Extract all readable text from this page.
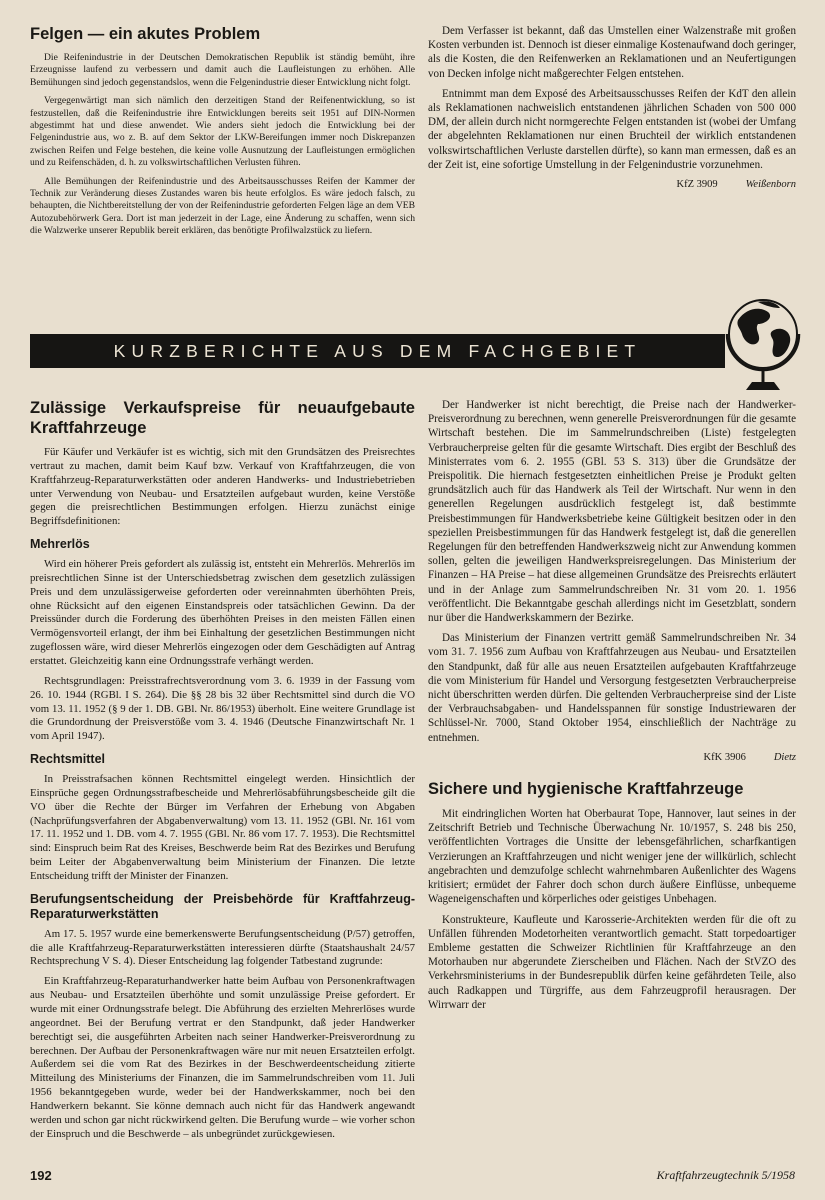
Felgen — ein akutes Problem

Die Reifenindustrie in der Deutschen Demokratischen Republik ist ständig bemüht, ihre Erzeugnisse laufend zu verbessern und damit auch die Laufleistungen zu erhöhen. Alle Bemühungen sind jedoch gegenstandslos, wenn die Felgenindustrie dieser Entwicklung nicht folgt.

Vergegenwärtigt man sich nämlich den derzeitigen Stand der Reifenentwicklung, so ist festzustellen, daß die Reifenindustrie ihre Entwicklungen bereits seit 1951 auf DIN-Normen abgestimmt hat und diese anwendet. Wie anders sieht jedoch die Entwicklung bei der Felgenindustrie aus, wo z. B. auf dem Sektor der LKW-Bereifungen immer noch Diskrepanzen zwischen Reifen und Felge bestehen, die keine volle Ausnutzung der Laufleistungen ermöglichen und zu Reifenschäden, d. h. zu volkswirtschaftlichen Verlusten führen.

Alle Bemühungen der Reifenindustrie und des Arbeitsausschusses Reifen der Kammer der Technik zur Veränderung dieses Zustandes waren bis heute erfolglos. Es wäre jedoch falsch, zu behaupten, die Nichtbereitstellung der von der Reifenindustrie geforderten Felgen läge an dem VEB Autozubehörwerk Gera. Dort ist man jederzeit in der Lage, eine Änderung zu schaffen, wenn sich die Walzwerke unserer Republik bereit erklären, das benötigte Profilwalzstück zu liefern.

Dem Verfasser ist bekannt, daß das Umstellen einer Walzenstraße mit großen Kosten verbunden ist. Dennoch ist dieser einmalige Kostenaufwand doch geringer, als die Kosten, die den Reifenwerken an Reklamationen und an Neufertigungen von Decken infolge nicht maßgerechter Felgen entstehen.

Entnimmt man dem Exposé des Arbeitsausschusses Reifen der KdT den allein als Reklamationen nachweislich entstandenen jährlichen Schaden von 500 000 DM, der allein durch nicht normgerechte Felgen entstanden ist (wobei der Umfang der abgelehnten Reklamationen nur einen Bruchteil der wirklich entstandenen volkswirtschaftlichen Verluste darstellen dürfte), so kann man ermessen, daß es an der Zeit ist, eine sofortige Umstellung in der Felgenindustrie vorzunehmen.

KfZ 3909	Weißenborn
KURZBERICHTE AUS DEM FACHGEBIET
Zulässige Verkaufspreise für neuaufgebaute Kraftfahrzeuge

Für Käufer und Verkäufer ist es wichtig, sich mit den Grundsätzen des Preisrechtes vertraut zu machen, damit beim Kauf bzw. Verkauf von Kraftfahrzeugen, die von Kraftfahrzeug-Reparaturwerkstätten oder anderen Handwerks- und Industriebetrieben unter Verwendung von Neubau- und Ersatzteilen aufgebaut wurden, keine Verstöße gegen die preisrechtlichen Bestimmungen erfolgen. Hierzu zunächst einige Begriffsdefinitionen:

Mehrerlös

Wird ein höherer Preis gefordert als zulässig ist, entsteht ein Mehrerlös. Mehrerlös im preisrechtlichen Sinne ist der Unterschiedsbetrag zwischen dem gesetzlich zulässigen Preis und dem unzulässigerweise geforderten oder vereinnahmten überhöhten Preis, ohne Rücksicht auf den eigenen Einstandspreis oder tatsächlichen Gewinn. Da der Preissünder durch die Forderung des überhöhten Preises in den meisten Fällen einen Vermögensvorteil erlangt, der ihm bei Einhaltung der gesetzlichen Bestimmungen nicht zugeflossen wäre, wird dieser Mehrerlös eingezogen oder dem Geschädigten auf Antrag erstattet. Gleichzeitig kann eine Ordnungsstrafe verhängt werden.

Rechtsgrundlagen: Preisstrafrechtsverordnung vom 3. 6. 1939 in der Fassung vom 26. 10. 1944 (RGBl. I S. 264). Die §§ 28 bis 32 über Rechtsmittel sind durch die VO vom 13. 11. 1952 (§ 9 der 1. DB. GBl. Nr. 86/1953) überholt. Eine weitere Grundlage ist die Grundordnung der Preisverstöße vom 3. 4. 1946 (Deutsche Finanzwirtschaft Nr. 1 vom April 1947).

Rechtsmittel

In Preisstrafsachen können Rechtsmittel eingelegt werden. Hinsichtlich der Einsprüche gegen Ordnungsstrafbescheide und Mehrerlösabführungsbescheide gilt die VO über die Rechte der Bürger im Verfahren der Erhebung von Abgaben (Nachprüfungsverfahren der Abgabenverwaltung) vom 13. 11. 1952 (GBl. Nr. 161 vom 17. 11. 1952 und 1. DB. vom 4. 7. 1955 (GBl. Nr. 86 vom 17. 7. 1953). Die Rechtsmittel sind: Einspruch beim Rat des Kreises, Beschwerde beim Rat des Bezirkes und Berufung beim Leiter der Abgabenverwaltung beim Ministerium der Finanzen. Die letzte Entscheidung trifft der Minister der Finanzen.

Berufungsentscheidung der Preisbehörde für Kraftfahrzeug-Reparaturwerkstätten

Am 17. 5. 1957 wurde eine bemerkenswerte Berufungsentscheidung (P/57) getroffen, die alle Kraftfahrzeug-Reparaturwerkstätten interessieren dürfte (Staatshaushalt 24/57 Rechtsprechung V S. 4). Dieser Entscheidung lag folgender Tatbestand zugrunde:

Ein Kraftfahrzeug-Reparaturhandwerker hatte beim Aufbau von Personenkraftwagen aus Neubau- und Ersatzteilen überhöhte und somit unzulässige Preise gefordert. Er wurde mit einer Ordnungsstrafe belegt. Die Abführung des erzielten Mehrerlöses wurde angeordnet. Bei der Berufung vertrat er den Standpunkt, daß jeder Handwerker berechtigt sei, die ausgeführten Arbeiten nach seiner Handwerker-Preisverordnung zu berechnen. Der Aufbau der Personenkraftwagen wäre nur mit neuen Ersatzteilen erfolgt. Außerdem sei die vom Rat des Bezirkes in der Beschwerdeentscheidung zitierte Mitteilung des Ministeriums der Finanzen, die im Sammelrundschreiben vom 11. Juli 1956 bekanntgegeben wurde, weder bei der Handwerkskammer, noch bei den Handwerkern bekannt. Sie könne demnach auch nicht für das Handwerk angewandt werden und schon gar nicht rückwirkend gelten. Die Berufung wurde – wie vorher schon der Einspruch und die Beschwerde – als unbegründet zurückgewiesen.

Der Handwerker ist nicht berechtigt, die Preise nach der Handwerker-Preisverordnung zu berechnen, wenn generelle Preisverordnungen für die gesamte Wirtschaft bestehen. Die im Sammelrundschreiben (Liste) festgelegten Verbraucherpreise gelten für die gesamte Wirtschaft. Dies ergibt der Beschluß des Ministerrates vom 6. 2. 1955 (GBl. 53 S. 313) über die Grundsätze der Preispolitik. Die hiernach festgesetzten einheitlichen Preise je Produkt gelten grundsätzlich auch für das Handwerk als Teil der Wirtschaft. Nur wenn in den generellen Regelungen ausdrücklich festgelegt ist, daß bestimmte Preisbestimmungen für Handwerksbetriebe keine Gültigkeit besitzen oder in den speziellen Preisbestimmungen für das Handwerk festgelegt ist, daß die generellen Regelungen für den betreffenden Handwerkszweig nicht zur Anwendung kommen sollen, gelten die jeweiligen Handwerkspreisregelungen. Das Ministerium der Finanzen – HA Preise – hat diese allgemeinen Grundsätze des Preisrechts erläutert und in der Anlage zum Sammelrundschreiben Nr. 31 vom 20. 1. 1956 veröffentlicht. Die Bekanntgabe geschah allerdings nicht im Gesetzblatt, sondern nur über die Handwerkskammern der Bezirke.

Das Ministerium der Finanzen vertritt gemäß Sammelrundschreiben Nr. 34 vom 31. 7. 1956 zum Aufbau von Kraftfahrzeugen aus Neubau- und Ersatzteilen den Standpunkt, daß für alle aus neuen Ersatzteilen aufgebauten Kraftfahrzeuge die vom Ministerium für Handel und Versorgung festgesetzten Verbraucherpreise nicht überschritten werden dürfen. Die geltenden Verbraucherpreise sind der Liste der Verbrauchsabgaben- und Handelsspannen für sonstige Industriewaren der Schlüssel-Nr. 7000, Stand Oktober 1954, einschließlich der Nachträge zu entnehmen.

KfK 3906	Dietz
Sichere und hygienische Kraftfahrzeuge

Mit eindringlichen Worten hat Oberbaurat Tope, Hannover, laut seines in der Zeitschrift Betrieb und Technische Überwachung Nr. 10/1957, S. 248 bis 250, veröffentlichten Vortrages die Unsitte der lebensgefährlichen, scharfkantigen Verzierungen an Kraftfahrzeugen und nicht weniger jene der willkürlich, schlecht angebrachten und demzufolge schlecht wahrnehmbaren Außenlichter des Wagens kritisiert; ermüdet der Fahrer doch schon durch äußere Einflüsse, unbequeme Wageneigenschaften und körperliches oder geistiges Unbehagen.

Konstrukteure, Kaufleute und Karosserie-Architekten werden für die oft zu Unfällen führenden Modetorheiten verantwortlich gemacht. Statt torpedoartiger Embleme gestatten die Schweizer Richtlinien für Kraftfahrzeuge an den Motorhauben nur abgerundete Zierscheiben und Flächen. Nach der StVZO des Verkehrsministeriums in der Bundesrepublik dürfen keine gefährdeten Teile, also auch Radkappen und Türgriffe, aus dem Fahrzeugprofil herausragen. Der Wirrwarr der

192	Kraftfahrzeugtechnik 5/1958
